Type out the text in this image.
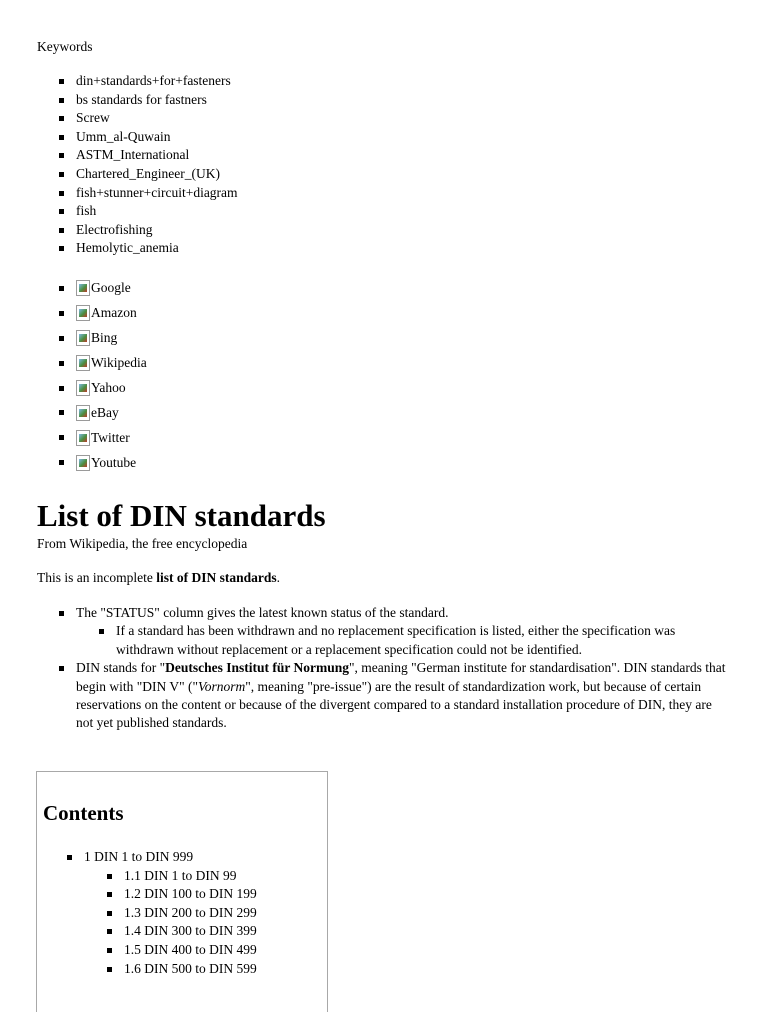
Keywords
din+standards+for+fasteners
bs standards for fastners
Screw
Umm_al-Quwain
ASTM_International
Chartered_Engineer_(UK)
fish+stunner+circuit+diagram
fish
Electrofishing
Hemolytic_anemia
Google
Amazon
Bing
Wikipedia
Yahoo
eBay
Twitter
Youtube
List of DIN standards
From Wikipedia, the free encyclopedia
This is an incomplete list of DIN standards.
The "STATUS" column gives the latest known status of the standard.
If a standard has been withdrawn and no replacement specification is listed, either the specification was withdrawn without replacement or a replacement specification could not be identified.
DIN stands for "Deutsches Institut für Normung", meaning "German institute for standardisation". DIN standards that begin with "DIN V" ("Vornorm", meaning "pre-issue") are the result of standardization work, but because of certain reservations on the content or because of the divergent compared to a standard installation procedure of DIN, they are not yet published standards.
Contents
1 DIN 1 to DIN 999
1.1 DIN 1 to DIN 99
1.2 DIN 100 to DIN 199
1.3 DIN 200 to DIN 299
1.4 DIN 300 to DIN 399
1.5 DIN 400 to DIN 499
1.6 DIN 500 to DIN 599
